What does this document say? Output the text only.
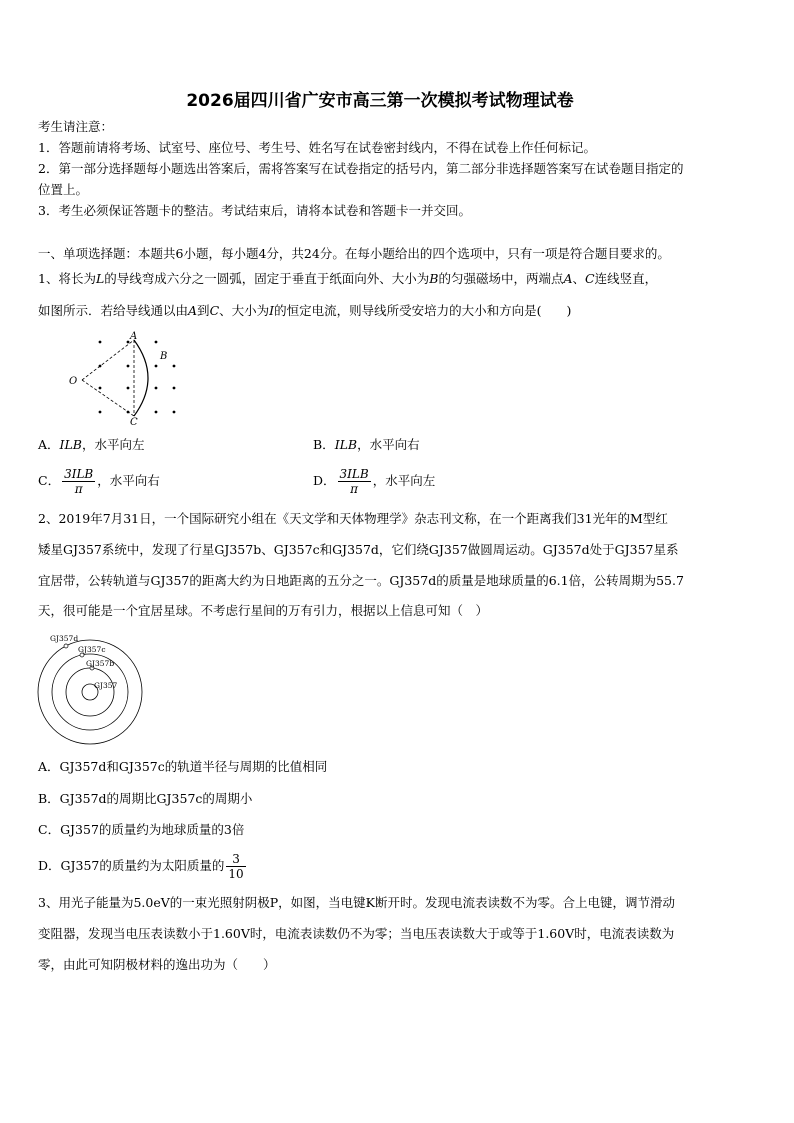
2026届四川省广安市高三第一次模拟考试物理试卷
考生请注意：
1．答题前请将考场、试室号、座位号、考生号、姓名写在试卷密封线内，不得在试卷上作任何标记。
2．第一部分选择题每小题选出答案后，需将答案写在试卷指定的括号内，第二部分非选择题答案写在试卷题目指定的
位置上。
3．考生必须保证答题卡的整洁。考试结束后，请将本试卷和答题卡一并交回。
一、单项选择题：本题共6小题，每小题4分，共24分。在每小题给出的四个选项中，只有一项是符合题目要求的。
1、将长为L的导线弯成六分之一圆弧，固定于垂直于纸面向外、大小为B的匀强磁场中，两端点A、C连线竖直，
如图所示．若给导线通以由A到C、大小为I的恒定电流，则导线所受安培力的大小和方向是(　　)
A
B
C
O
A．ILB，水平向左	B．ILB，水平向右
C． $\frac{\text{3ILB}}{\pi}$ ，水平向右	D． $\frac{\text{3ILB}}{\pi}$ ，水平向左
2、2019年7月31日，一个国际研究小组在《天文学和天体物理学》杂志刊文称，在一个距离我们31光年的M型红
矮星GJ357系统中，发现了行星GJ357b、GJ357c和GJ357d，它们绕GJ357做圆周运动。GJ357d处于GJ357星系
宜居带，公转轨道与GJ357的距离大约为日地距离的五分之一。GJ357d的质量是地球质量的6.1倍，公转周期为55.7
天，很可能是一个宜居星球。不考虑行星间的万有引力，根据以上信息可知（　）
GJ357d
GJ357c
GJ357b
GJ357
A．GJ357d和GJ357c的轨道半径与周期的比值相同
B．GJ357d的周期比GJ357c的周期小
C．GJ357的质量约为地球质量的3倍
D．GJ357的质量约为太阳质量的 $\frac{3}{10}$
3、用光子能量为5.0eV的一束光照射阴极P，如图，当电键K断开时。发现电流表读数不为零。合上电键，调节滑动
变阻器，发现当电压表读数小于1.60V时，电流表读数仍不为零；当电压表读数大于或等于1.60V时，电流表读数为
零，由此可知阴极材料的逸出功为（　　）
